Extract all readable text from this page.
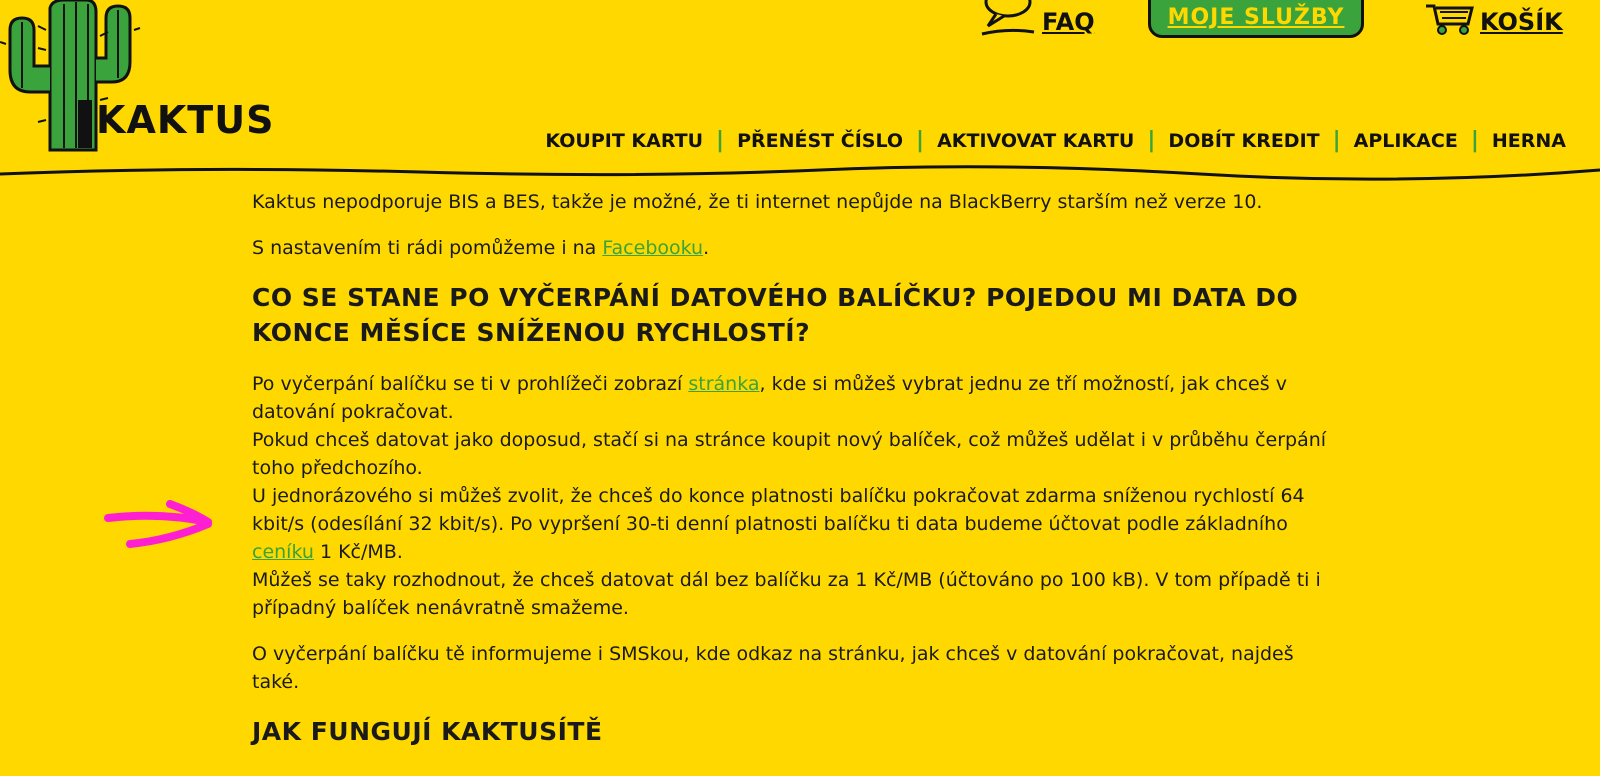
Kaktus nepodporuje BIS a BES, takže je možné, že ti internet nepůjde na BlackBerry starším než verze 10.

S nastavením ti rádi pomůžeme i na Facebooku.

CO SE STANE PO VYČERPÁNÍ DATOVÉHO BALÍČKU? POJEDOU MI DATA DO KONCE MĚSÍCE SNÍŽENOU RYCHLOSTÍ?

Po vyčerpání balíčku se ti v prohlížeči zobrazí stránka, kde si můžeš vybrat jednu ze tří možností, jak chceš v datování pokračovat.
Pokud chceš datovat jako doposud, stačí si na stránce koupit nový balíček, což můžeš udělat i v průběhu čerpání toho předchozího.
U jednorázového si můžeš zvolit, že chceš do konce platnosti balíčku pokračovat zdarma sníženou rychlostí 64 kbit/s (odesílání 32 kbit/s). Po vypršení 30-ti denní platnosti balíčku ti data budeme účtovat podle základního ceníku 1 Kč/MB.
Můžeš se taky rozhodnout, že chceš datovat dál bez balíčku za 1 Kč/MB (účtováno po 100 kB). V tom případě ti i případný balíček nenávratně smažeme.

O vyčerpání balíčku tě informujeme i SMSkou, kde odkaz na stránku, jak chceš v datování pokračovat, najdeš také.

JAK FUNGUJÍ KAKTUSÍTĚ
KAKTUS
FAQ	MOJE SLUŽBY	KOŠÍK
KOUPIT KARTU | PŘENÉST ČÍSLO | AKTIVOVAT KARTU | DOBÍT KREDIT | APLIKACE | HERNA
